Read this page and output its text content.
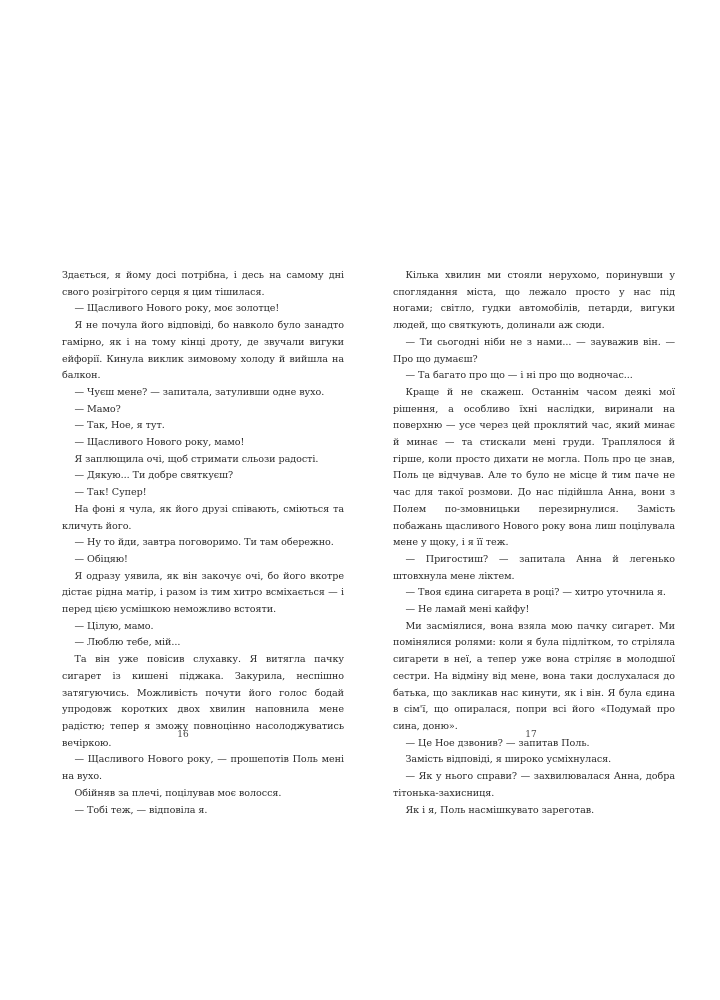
Здається, я йому досі потрібна, і десь на самому дні свого розігрітого серця я цим тішилася.

— Щасливого Нового року, моє золотце!

Я не почула його відповіді, бо навколо було занадто гамірно, як і на тому кінці дроту, де звучали вигуки ейфорії. Кинула виклик зимовому холоду й вийшла на балкон.

— Чуєш мене? — запитала, затуливши одне вухо.

— Мамо?

— Так, Ное, я тут.

— Щасливого Нового року, мамо!

Я заплющила очі, щоб стримати сльози радості.

— Дякую... Ти добре святкуєш?

— Так! Супер!

На фоні я чула, як його друзі співають, сміються та кличуть його.

— Ну то йди, завтра поговоримо. Ти там обережно.

— Обіцяю!

Я одразу уявила, як він закочує очі, бо його вкотре дістає рідна матір, і разом із тим хитро всміхається — і перед цією усмішкою неможливо встояти.

— Цілую, мамо.

— Люблю тебе, мій...

Та він уже повісив слухавку. Я витягла пачку сигарет із кишені піджака. Закурила, неспішно затягуючись. Можливість почути його голос бодай упродовж коротких двох хвилин наповнила мене радістю; тепер я зможу повноцінно насолоджуватись вечіркою.

— Щасливого Нового року, — прошепотів Поль мені на вухо.

Обійняв за плечі, поцілував моє волосся.

— Тобі теж, — відповіла я.

Кілька хвилин ми стояли нерухомо, поринувши у споглядання міста, що лежало просто у нас під ногами; світло, гудки автомобілів, петарди, вигуки людей, що святкують, долинали аж сюди.

— Ти сьогодні ніби не з нами... — зауважив він. — Про що думаєш?

— Та багато про що — і ні про що водночас...

Краще й не скажеш. Останнім часом деякі мої рішення, а особливо їхні наслідки, виринали на поверхню — усе через цей проклятий час, який минає й минає — та стискали мені груди. Траплялося й гірше, коли просто дихати не могла. Поль про це знав, Поль це відчував. Але то було не місце й тим паче не час для такої розмови. До нас підійшла Анна, вони з Полем по-змовницьки перезирнулися. Замість побажань щасливого Нового року вона лиш поцілувала мене у щоку, і я її теж.

— Пригостиш? — запитала Анна й легенько штовхнула мене ліктем.

— Твоя єдина сигарета в році? — хитро уточнила я.

— Не ламай мені кайфу!

Ми засміялися, вона взяла мою пачку сигарет. Ми помінялися ролями: коли я була підлітком, то стріляла сигарети в неї, а тепер уже вона стріляє в молодшої сестри. На відміну від мене, вона таки дослухалася до батька, що закликав нас кинути, як і він. Я була єдина в сім'ї, що опиралася, попри всі його «Подумай про сина, доню».

— Це Ное дзвонив? — запитав Поль.

Замість відповіді, я широко усміхнулася.

— Як у нього справи? — захвилювалася Анна, добра тітонька-захисниця.

Як і я, Поль насмішкувато зареготав.

16	17
